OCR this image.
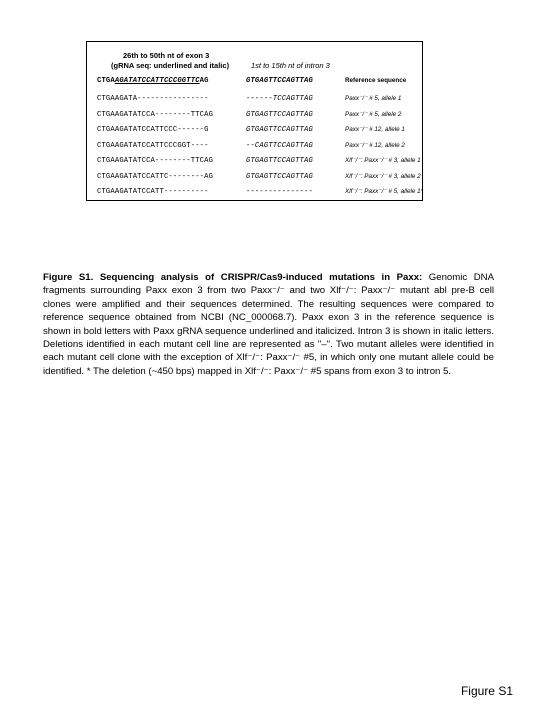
26th to 50th nt of exon 3
(gRNA seq: underlined and italic)	1st to 15th nt of intron 3
CTGAAGATATCCATTCCCGGTTCAG	GTGAGTTCCAGTTAG	Reference sequence
CTGAAGATA----------------	------TCCAGTTAG	Paxx⁻/⁻ # 5, allele 1
CTGAAGATATCCA--------TTCAG	GTGAGTTCCAGTTAG	Paxx⁻/⁻ # 5, allele 2
CTGAAGATATCCATTCCC------G	GTGAGTTCCAGTTAG	Paxx⁻/⁻ # 12, allele 1
CTGAAGATATCCATTCCCGGT----	--CAGTTCCAGTTAG	Paxx⁻/⁻ # 12, allele 2
CTGAAGATATCCA--------TTCAG	GTGAGTTCCAGTTAG	Xlf⁻/⁻: Paxx⁻/⁻ # 3, allele 1
CTGAAGATATCCATTC--------AG	GTGAGTTCCAGTTAG	Xlf⁻/⁻: Paxx⁻/⁻ # 3, allele 2
CTGAAGATATCCATT----------	---------------	Xlf⁻/⁻: Paxx⁻/⁻ # 5, allele 1*

Figure S1. Sequencing analysis of CRISPR/Cas9-induced mutations in Paxx: Genomic DNA fragments surrounding Paxx exon 3 from two Paxx⁻/⁻ and two Xlf⁻/⁻: Paxx⁻/⁻ mutant abl pre-B cell clones were amplified and their sequences determined. The resulting sequences were compared to reference sequence obtained from NCBI (NC_000068.7). Paxx exon 3 in the reference sequence is shown in bold letters with Paxx gRNA sequence underlined and italicized. Intron 3 is shown in italic letters. Deletions identified in each mutant cell line are represented as "–". Two mutant alleles were identified in each mutant cell clone with the exception of Xlf⁻/⁻: Paxx⁻/⁻ #5, in which only one mutant allele could be identified. * The deletion (~450 bps) mapped in Xlf⁻/⁻: Paxx⁻/⁻ #5 spans from exon 3 to intron 5.

Figure S1
